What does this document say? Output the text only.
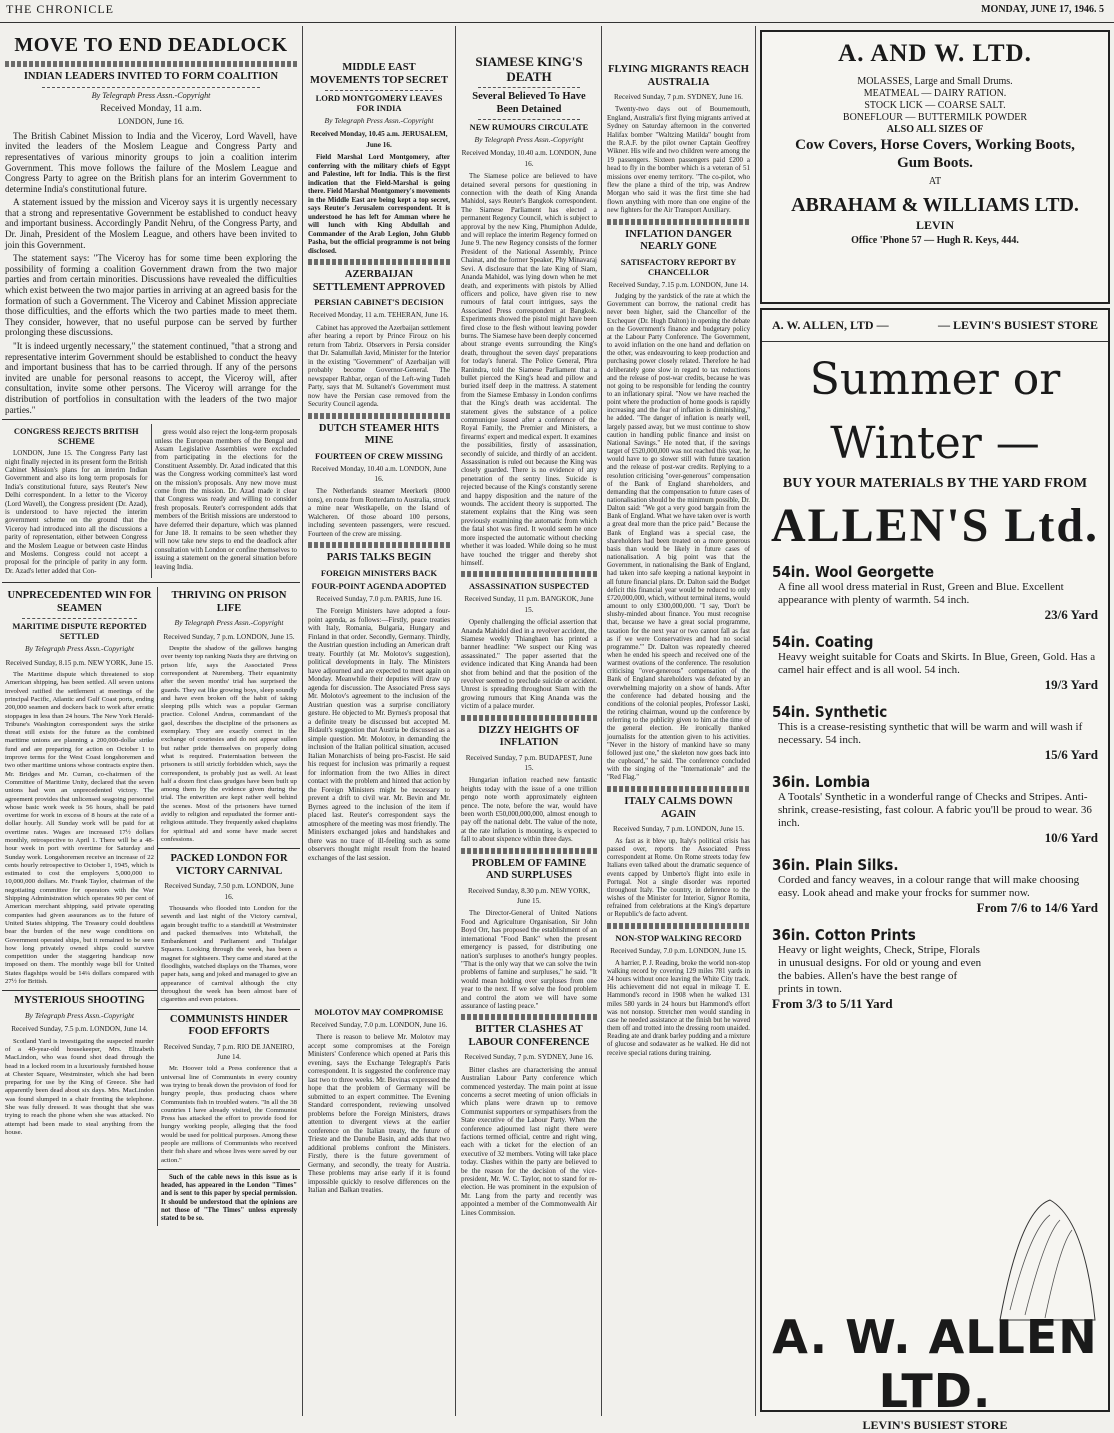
THE CHRONICLE	MONDAY, JUNE 17, 1946. 5
MOVE TO END DEADLOCK
INDIAN LEADERS INVITED TO FORM COALITION

By Telegraph Press Assn.-Copyright

Received Monday, 11 a.m.

LONDON, June 16.

The British Cabinet Mission to India and the Viceroy, Lord Wavell, have invited the leaders of the Moslem League and Congress Party and representatives of various minority groups to join a coalition interim Government. This move follows the failure of the Moslem League and Congress Party to agree on the British plans for an interim Government to determine India's constitutional future.

A statement issued by the mission and Viceroy says it is urgently necessary that a strong and representative Government be established to conduct heavy and important business. Accordingly Pandit Nehru, of the Congress Party, and Dr. Jinah, President of the Moslem League, and others have been invited to join this Government.

The statement says: "The Viceroy has for some time been exploring the possibility of forming a coalition Government drawn from the two major parties and from certain minorities. Discussions have revealed the difficulties which exist between the two major parties in arriving at an agreed basis for the formation of such a Government. The Viceroy and Cabinet Mission appreciate those difficulties, and the efforts which the two parties made to meet them. They consider, however, that no useful purpose can be served by further prolonging these discussions.

"It is indeed urgently necessary," the statement continued, "that a strong and representative interim Government should be established to conduct the heavy and important business that has to be carried through. If any of the persons invited are unable for personal reasons to accept, the Viceroy will, after consultation, invite some other persons. The Viceroy will arrange for the distribution of portfolios in consultation with the leaders of the two major parties."

CONGRESS REJECTS BRITISH SCHEME

LONDON, June 15. The Congress Party last night finally rejected in its present form the British Cabinet Mission's plans for an interim Indian Government and also its long term proposals for India's constitutional future, says Reuter's New Delhi correspondent. In a letter to the Viceroy (Lord Wavell), the Congress president (Dr. Azad), is understood to have rejected the interim government scheme on the ground that the Viceroy had introduced into all the discussions a parity of representation, either between Congress and the Moslem League or between caste Hindus and Moslems. Congress could not accept a proposal for the principle of parity in any form. Dr. Azad's letter added that Con-

gress would also reject the long-term proposals unless the European members of the Bengal and Assam Legislative Assemblies were excluded from participating in the elections for the Constituent Assembly. Dr. Azad indicated that this was the Congress working committee's last word on the mission's proposals. Any new move must come from the mission. Dr. Azad made it clear that Congress was ready and willing to consider fresh proposals. Reuter's correspondent adds that members of the British missions are understood to have deferred their departure, which was planned for June 18. It remains to be seen whether they will now take new steps to end the deadlock after consultation with London or confine themselves to issuing a statement on the general situation before leaving India.

UNPRECEDENTED WIN FOR SEAMEN
MARITIME DISPUTE REPORTED SETTLED

By Telegraph Press Assn.-Copyright

Received Sunday, 8.15 p.m. NEW YORK, June 15.

The Maritime dispute which threatened to stop American shipping, has been settled. All seven unions involved ratified the settlement at meetings of the principal Pacific, Atlantic and Gulf Coast ports, ending 200,000 seamen and dockers back to work after erratic stoppages in less than 24 hours. The New York Herald-Tribune's Washington correspondent says the strike threat still exists for the future as the combined maritime unions are planning a 200,000-dollar strike fund and are preparing for action on October 1 to improve terms for the West Coast longshoremen and two other maritime unions whose contracts expire then. Mr. Bridges and Mr. Curran, co-chairmen of the Committee of Maritime Unity, declared that the seven unions had won an unprecedented victory. The agreement provides that unlicensed seagoing personnel whose basic work week is 56 hours, shall be paid overtime for work in excess of 8 hours at the rate of a dollar hourly. All Sunday work will be paid for at overtime rates. Wages are increased 17½ dollars monthly, retrospective to April 1. There will be a 48-hour week in port with overtime for Saturday and Sunday work. Longshoremen receive an increase of 22 cents hourly retrospective to October 1, 1945, which is estimated to cost the employers 5,000,000 to 10,000,000 dollars. Mr. Frank Taylor, chairman of the negotiating committee for operators with the War Shipping Administration which operates 90 per cent of American merchant shipping, said private operating companies had given assurances as to the future of United States shipping. The Treasury could doubtless bear the burden of the new wage conditions on Government operated ships, but it remained to be seen how long privately owned ships could survive competition under the staggering handicap now imposed on them. The monthly wage bill for United States flagships would be 14¼ dollars compared with 27½ for British.

MYSTERIOUS SHOOTING

By Telegraph Press Assn.-Copyright

Received Sunday, 7.5 p.m. LONDON, June 14.

Scotland Yard is investigating the suspected murder of a 40-year-old housekeeper, Mrs. Elizabeth MacLindon, who was found shot dead through the head in a locked room in a luxuriously furnished house at Chester Square, Westminster, which she had been preparing for use by the King of Greece. She had apparently been dead about six days. Mrs. MacLindon was found slumped in a chair fronting the telephone. She was fully dressed. It was thought that she was trying to reach the phone when she was attacked. No attempt had been made to steal anything from the house.

THRIVING ON PRISON LIFE

By Telegraph Press Assn.-Copyright

Received Sunday, 7 p.m. LONDON, June 15.

Despite the shadow of the gallows hanging over twenty top ranking Nazis they are thriving on prison life, says the Associated Press correspondent at Nuremberg. Their equanimity after the seven months' trial has surprised the guards. They eat like growing boys, sleep soundly and have even broken off the habit of taking sleeping pills which was a popular German practice. Colonel Andrus, commandant of the gaol, describes the discipline of the prisoners as exemplary. They are exactly correct in the exchange of courtesies and do not appear sullen but rather pride themselves on properly doing what is required. Fraternisation between the prisoners is still strictly forbidden which, says the correspondent, is probably just as well. At least half a dozen first class grudges have been built up among them by the evidence given during the trial. The entwritten are kept rather well behind the scenes. Most of the prisoners have turned avidly to religion and repudiated the former anti-religious attitude. They frequently asked chaplains for spiritual aid and some have made secret confessions.

PACKED LONDON FOR VICTORY CARNIVAL

Received Sunday, 7.50 p.m. LONDON, June 16.

Thousands who flooded into London for the seventh and last night of the Victory carnival, again brought traffic to a standstill at Westminster and packed themselves into Whitehall, the Embankment and Parliament and Trafalgar Squares. Looking through the week, has been a magnet for sightseers. They came and stared at the floodlights, watched displays on the Thames, wore paper hats, sang and joked and managed to give an appearance of carnival although the city throughout the week has been almost bare of cigarettes and even potatoes.

COMMUNISTS HINDER FOOD EFFORTS

Received Sunday, 7 p.m. RIO DE JANEIRO, June 14.

Mr. Hoover told a Press conference that a universal line of Communists in every country was trying to break down the provision of food for hungry people, thus producing chaos where Communists fish in troubled waters. "In all the 38 countries I have already visited, the Communist Press has attacked the effort to provide food for hungry working people, alleging that the food would be used for political purposes. Among these people are millions of Communists who received their fish share and whose lives were saved by our action."

Such of the cable news in this issue as is headed, has appeared in the London "Times" and is sent to this paper by special permission. It should be understood that the opinions are not those of "The Times" unless expressly stated to be so.

MIDDLE EAST MOVEMENTS TOP SECRET
LORD MONTGOMERY LEAVES FOR INDIA

By Telegraph Press Assn.-Copyright

Received Monday, 10.45 a.m. JERUSALEM, June 16.

Field Marshal Lord Montgomery, after conferring with the military chiefs of Egypt and Palestine, left for India. This is the first indication that the Field-Marshal is going there. Field Marshal Montgomery's movements in the Middle East are being kept a top secret, says Reuter's Jerusalem correspondent. It is understood he has left for Amman where he will lunch with King Abdullah and Commander of the Arab Legion, John Glubb Pasha, but the official programme is not being disclosed.

AZERBAIJAN SETTLEMENT APPROVED
PERSIAN CABINET'S DECISION

Received Monday, 11 a.m. TEHERAN, June 16.

Cabinet has approved the Azerbaijan settlement after hearing a report by Prince Firouz on his return from Tabriz. Observers in Persia consider that Dr. Salamullah Javid, Minister for the Interior in the existing "Government" of Azerbaijan will probably become Governor-General. The newspaper Rahbar, organ of the Left-wing Tudeh Party, says that M. Sultaneh's Government must now have the Persian case removed from the Security Council agenda.

DUTCH STEAMER HITS MINE
FOURTEEN OF CREW MISSING

Received Monday, 10.40 a.m. LONDON, June 16.

The Netherlands steamer Meerkerk (8000 tons), en route from Rotterdam to Australia, struck a mine near Westkapelle, on the Island of Walcheren. Of those aboard 100 persons, including seventeen passengers, were rescued. Fourteen of the crew are missing.

PARIS TALKS BEGIN
FOREIGN MINISTERS BACK
FOUR-POINT AGENDA ADOPTED

Received Sunday, 7.0 p.m. PARIS, June 16.

The Foreign Ministers have adopted a four-point agenda, as follows:—Firstly, peace treaties with Italy, Romania, Bulgaria, Hungary and Finland in that order. Secondly, Germany. Thirdly, the Austrian question including an American draft treaty. Fourthly (at Mr. Molotov's suggestion), political developments in Italy. The Ministers have adjourned and are expected to meet again on Monday. Meanwhile their deputies will draw up agenda for discussion. The Associated Press says Mr. Molotov's agreement to the inclusion of the Austrian question was a surprise conciliatory gesture. He objected to Mr. Byrnes's proposal that a definite treaty be discussed but accepted M. Bidault's suggestion that Austria be discussed as a simple question. Mr. Molotov, in demanding the inclusion of the Italian political situation, accused Italian Monarchists of being pro-Fascist. He said his request for inclusion was primarily a request for information from the two Allies in direct contact with the problem and hinted that action by the Foreign Ministers might be necessary to prevent a drift to civil war. Mr. Bevin and Mr. Byrnes agreed to the inclusion of the item if placed last. Reuter's correspondent says the atmosphere of the meeting was most friendly. The Ministers exchanged jokes and handshakes and there was no trace of ill-feeling such as some observers thought might result from the heated exchanges of the last session.

MOLOTOV MAY COMPROMISE

Received Sunday, 7.0 p.m. LONDON, June 16.

There is reason to believe Mr. Molotov may accept some compromises at the Foreign Ministers' Conference which opened at Paris this evening, says the Exchange Telegraph's Paris correspondent. It is suggested the conference may last two to three weeks. Mr. Bevinas expressed the hope that the problem of Germany will be submitted to an expert committee. The Evening Standard correspondent, reviewing unsolved problems before the Foreign Ministers, draws attention to divergent views at the earlier conference on the Italian treaty, the future of Trieste and the Danube Basin, and adds that two additional problems confront the Ministers. Firstly, there is the future government of Germany, and secondly, the treaty for Austria. These problems may arise early if it is found impossible quickly to resolve differences on the Italian and Balkan treaties.

SIAMESE KING'S DEATH
Several Believed To Have Been Detained
NEW RUMOURS CIRCULATE

By Telegraph Press Assn.-Copyright

Received Monday, 10.40 a.m. LONDON, June 16.

The Siamese police are believed to have detained several persons for questioning in connection with the death of King Ananda Mahidol, says Reuter's Bangkok correspondent. The Siamese Parliament has elected a permanent Regency Council, which is subject to approval by the new King, Phumiphon Adulde, and will replace the interim Regency formed on June 9. The new Regency consists of the former President of the National Assembly, Prince Chainat, and the former Speaker, Phy Minavaraj Sevi. A disclosure that the late King of Siam, Ananda Mahidol, was lying down when he met death, and experiments with pistols by Allied officers and police, have given rise to new rumours of fatal court intrigues, says the Associated Press correspondent at Bangkok. Experiments showed the pistol might have been fired close to the flesh without leaving powder burns. The Siamese have been deeply concerned about strange events surrounding the King's death, throughout the seven days' preparations for today's funeral. The Police General, Phra Ranindra, told the Siamese Parliament that a bullet pierced the King's head and pillow and buried itself deep in the mattress. A statement from the Siamese Embassy in London confirms that the King's death was accidental. The statement gives the substance of a police communique issued after a conference of the Royal Family, the Premier and Ministers, a firearms' expert and medical expert. It examines the possibilities, firstly of assassination, secondly of suicide, and thirdly of an accident. Assassination is ruled out because the King was closely guarded. There is no evidence of any penetration of the sentry lines. Suicide is rejected because of the King's constantly serene and happy disposition and the nature of the wounds. The accident theory is supported. The statement explains that the King was seen previously examining the automatic from which the fatal shot was fired. It would seem he once more inspected the automatic without checking whether it was loaded. While doing so he must have touched the trigger and thereby shot himself.

ASSASSINATION SUSPECTED

Received Sunday, 11 p.m. BANGKOK, June 15.

Openly challenging the official assertion that Ananda Mahidol died in a revolver accident, the Siamese weekly Thianghaen has printed a banner headline: "We suspect our King was assassinated." The paper asserted that the evidence indicated that King Ananda had been shot from behind and that the position of the revolver seemed to preclude suicide or accident. Unrest is spreading throughout Siam with the growing rumours that King Ananda was the victim of a palace murder.

DIZZY HEIGHTS OF INFLATION

Received Sunday, 7 p.m. BUDAPEST, June 15.

Hungarian inflation reached new fantastic heights today with the issue of a one trillion pengo note worth approximately eighteen pence. The note, before the war, would have been worth £50,000,000,000, almost enough to pay off the national debt. The value of the note, at the rate inflation is mounting, is expected to fall to about sixpence within three days.

PROBLEM OF FAMINE AND SURPLUSES

Received Sunday, 8.30 p.m. NEW YORK, June 15.

The Director-General of United Nations Food and Agriculture Organisation, Sir John Boyd Orr, has proposed the establishment of an international "Food Bank" when the present emergency is passed, for distributing one nation's surpluses to another's hungry peoples. "That is the only way that we can solve the twin problems of famine and surpluses," he said. "It would mean holding over surpluses from one year to the next. If we solve the food problem and control the atom we will have some assurance of lasting peace."

BITTER CLASHES AT LABOUR CONFERENCE

Received Sunday, 7 p.m. SYDNEY, June 16.

Bitter clashes are characterising the annual Australian Labour Party conference which commenced yesterday. The main point at issue concerns a secret meeting of union officials in which plans were drawn up to remove Communist supporters or sympathisers from the State executive of the Labour Party. When the conference adjourned last night there were factions termed official, centre and right wing, each with a ticket for the election of an executive of 32 members. Voting will take place today. Clashes within the party are believed to be the reason for the decision of the vice-president, Mr. W. C. Taylor, not to stand for re-election. He was prominent in the expulsion of Mr. Lang from the party and recently was appointed a member of the Commonwealth Air Lines Commission.

FLYING MIGRANTS REACH AUSTRALIA

Received Sunday, 7 p.m. SYDNEY, June 16.

Twenty-two days out of Bournemouth, England, Australia's first flying migrants arrived at Sydney on Saturday afternoon in the converted Halifax bomber "Waltzing Matilda" bought from the R.A.F. by the pilot owner Captain Geoffrey Wikner. His wife and two children were among the 19 passengers. Sixteen passengers paid £200 a head to fly in the bomber which is a veteran of 51 missions over enemy territory. "The co-pilot, who flew the plane a third of the trip, was Andrew Morgan who said it was the first time she had flown anything with more than one engine of the new fighters for the Air Transport Auxiliary.

INFLATION DANGER NEARLY GONE
SATISFACTORY REPORT BY CHANCELLOR

Received Sunday, 7.15 p.m. LONDON, June 14.

Judging by the yardstick of the rate at which the Government can borrow, the national credit has never been higher, said the Chancellor of the Exchequer (Dr. Hugh Dalton) in opening the debate on the Government's finance and budgetary policy at the Labour Party Conference. The Government, to avoid inflation on the one hand and deflation on the other, was endeavouring to keep production and purchasing power closely related. Therefore he had deliberately gone slow in regard to tax reductions and the release of post-war credits, because he was not going to be responsible for lending the country to an inflationary spiral. "Now we have reached the point where the production of home goods is rapidly increasing and the fear of inflation is diminishing," he added. "The danger of inflation is nearly well, largely passed away, but we must continue to show caution in handling public finance and insist on National Savings." He noted that, if the savings target of £520,000,000 was not reached this year, he would have to go slower still with future taxation and the release of post-war credits. Replying to a resolution criticising "over-generous" compensation of the Bank of England shareholders, and demanding that the compensation to future cases of nationalisation should be the minimum possible, Dr. Dalton said: "We got a very good bargain from the Bank of England. What we have taken over is worth a great deal more than the price paid." Because the Bank of England was a special case, the shareholders had been treated on a more generous basis than would be likely in future cases of nationalisation. A big point was that the Government, in nationalising the Bank of England, had taken into safe keeping a national keypoint in all future financial plans. Dr. Dalton said the Budget deficit this financial year would be reduced to only £720,000,000, which, without terminal items, would amount to only £300,000,000. "I say, 'Don't be slushy-minded about finance. You must recognise that, because we have a great social programme, taxation for the next year or two cannot fall as fast as if we were Conservatives and had no social programme.'" Dr. Dalton was repeatedly cheered when he ended his speech and received one of the warmest ovations of the conference. The resolution criticising "over-generous" compensation of the Bank of England shareholders was defeated by an overwhelming majority on a show of hands. After the conference had debated housing and the conditions of the colonial peoples, Professor Laski, the retiring chairman, wound up the conference by referring to the publicity given to him at the time of the general election. He ironically thanked journalists for the attention given to his activities. "Never in the history of mankind have so many followed just one," the skeleton now goes back into the cupboard," he said. The conference concluded with the singing of the "Internationale" and the "Red Flag."

ITALY CALMS DOWN AGAIN

Received Sunday, 7 p.m. LONDON, June 15.

As fast as it blew up, Italy's political crisis has passed over, reports the Associated Press correspondent at Rome. On Rome streets today few Italians even talked about the dramatic sequence of events capped by Umberto's flight into exile in Portugal. Not a single disorder was reported throughout Italy. The country, in deference to the wishes of the Minister for Interior, Signor Romita, refrained from celebrations at the King's departure or Republic's de facto advent.

NON-STOP WALKING RECORD

Received Sunday, 7.0 p.m. LONDON, June 15.

A harrier, P. J. Reading, broke the world non-stop walking record by covering 129 miles 781 yards in 24 hours without once leaving the White City track. His achievement did not equal in mileage T. E. Hammond's record in 1908 when he walked 131 miles 580 yards in 24 hours but Hammond's effort was not nonstop. Stretcher men would standing in case he needed assistance at the finish but he waved them off and trotted into the dressing room unaided. Reading ate and drank barley pudding and a mixture of glucose and sodawater as he walked. He did not receive special rations during training.

A. AND W. LTD.
MOLASSES, Large and Small Drums.
MEATMEAL — DAIRY RATION.
STOCK LICK — COARSE SALT.
BONEFLOUR — BUTTERMILK POWDER
ALSO ALL SIZES OF
Cow Covers, Horse Covers, Working Boots,
Gum Boots.
AT
ABRAHAM & WILLIAMS LTD.
LEVIN
Office 'Phone 57 — Hugh R. Keys, 444.
A. W. ALLEN, LTD —	— LEVIN'S BUSIEST STORE
Summer or
Winter —
BUY YOUR MATERIALS BY THE YARD FROM
ALLEN'S Ltd.
54in. Wool Georgette
A fine all wool dress material in Rust, Green and Blue. Excellent appearance with plenty of warmth. 54 inch.
23/6 Yard
54in. Coating
Heavy weight suitable for Coats and Skirts. In Blue, Green, Gold. Has a camel hair effect and is all wool. 54 inch.
19/3 Yard
54in. Synthetic
This is a crease-resisting synthetic that will be warm and will wash if necessary. 54 inch.
15/6 Yard
36in. Lombia
A Tootals' Synthetic in a wonderful range of Checks and Stripes. Anti-shrink, crease-resisting, fast colour. A fabric you'll be proud to wear. 36 inch.
10/6 Yard
36in. Plain Silks.
Corded and fancy weaves, in a colour range that will make choosing easy. Look ahead and make your frocks for summer now.
From 7/6 to 14/6 Yard
36in. Cotton Prints
Heavy or light weights, Check, Stripe, Florals in unusual designs. For old or young and even the babies. Allen's have the best range of prints in town.
From 3/3 to 5/11 Yard
A. W. ALLEN LTD.
LEVIN'S BUSIEST STORE
